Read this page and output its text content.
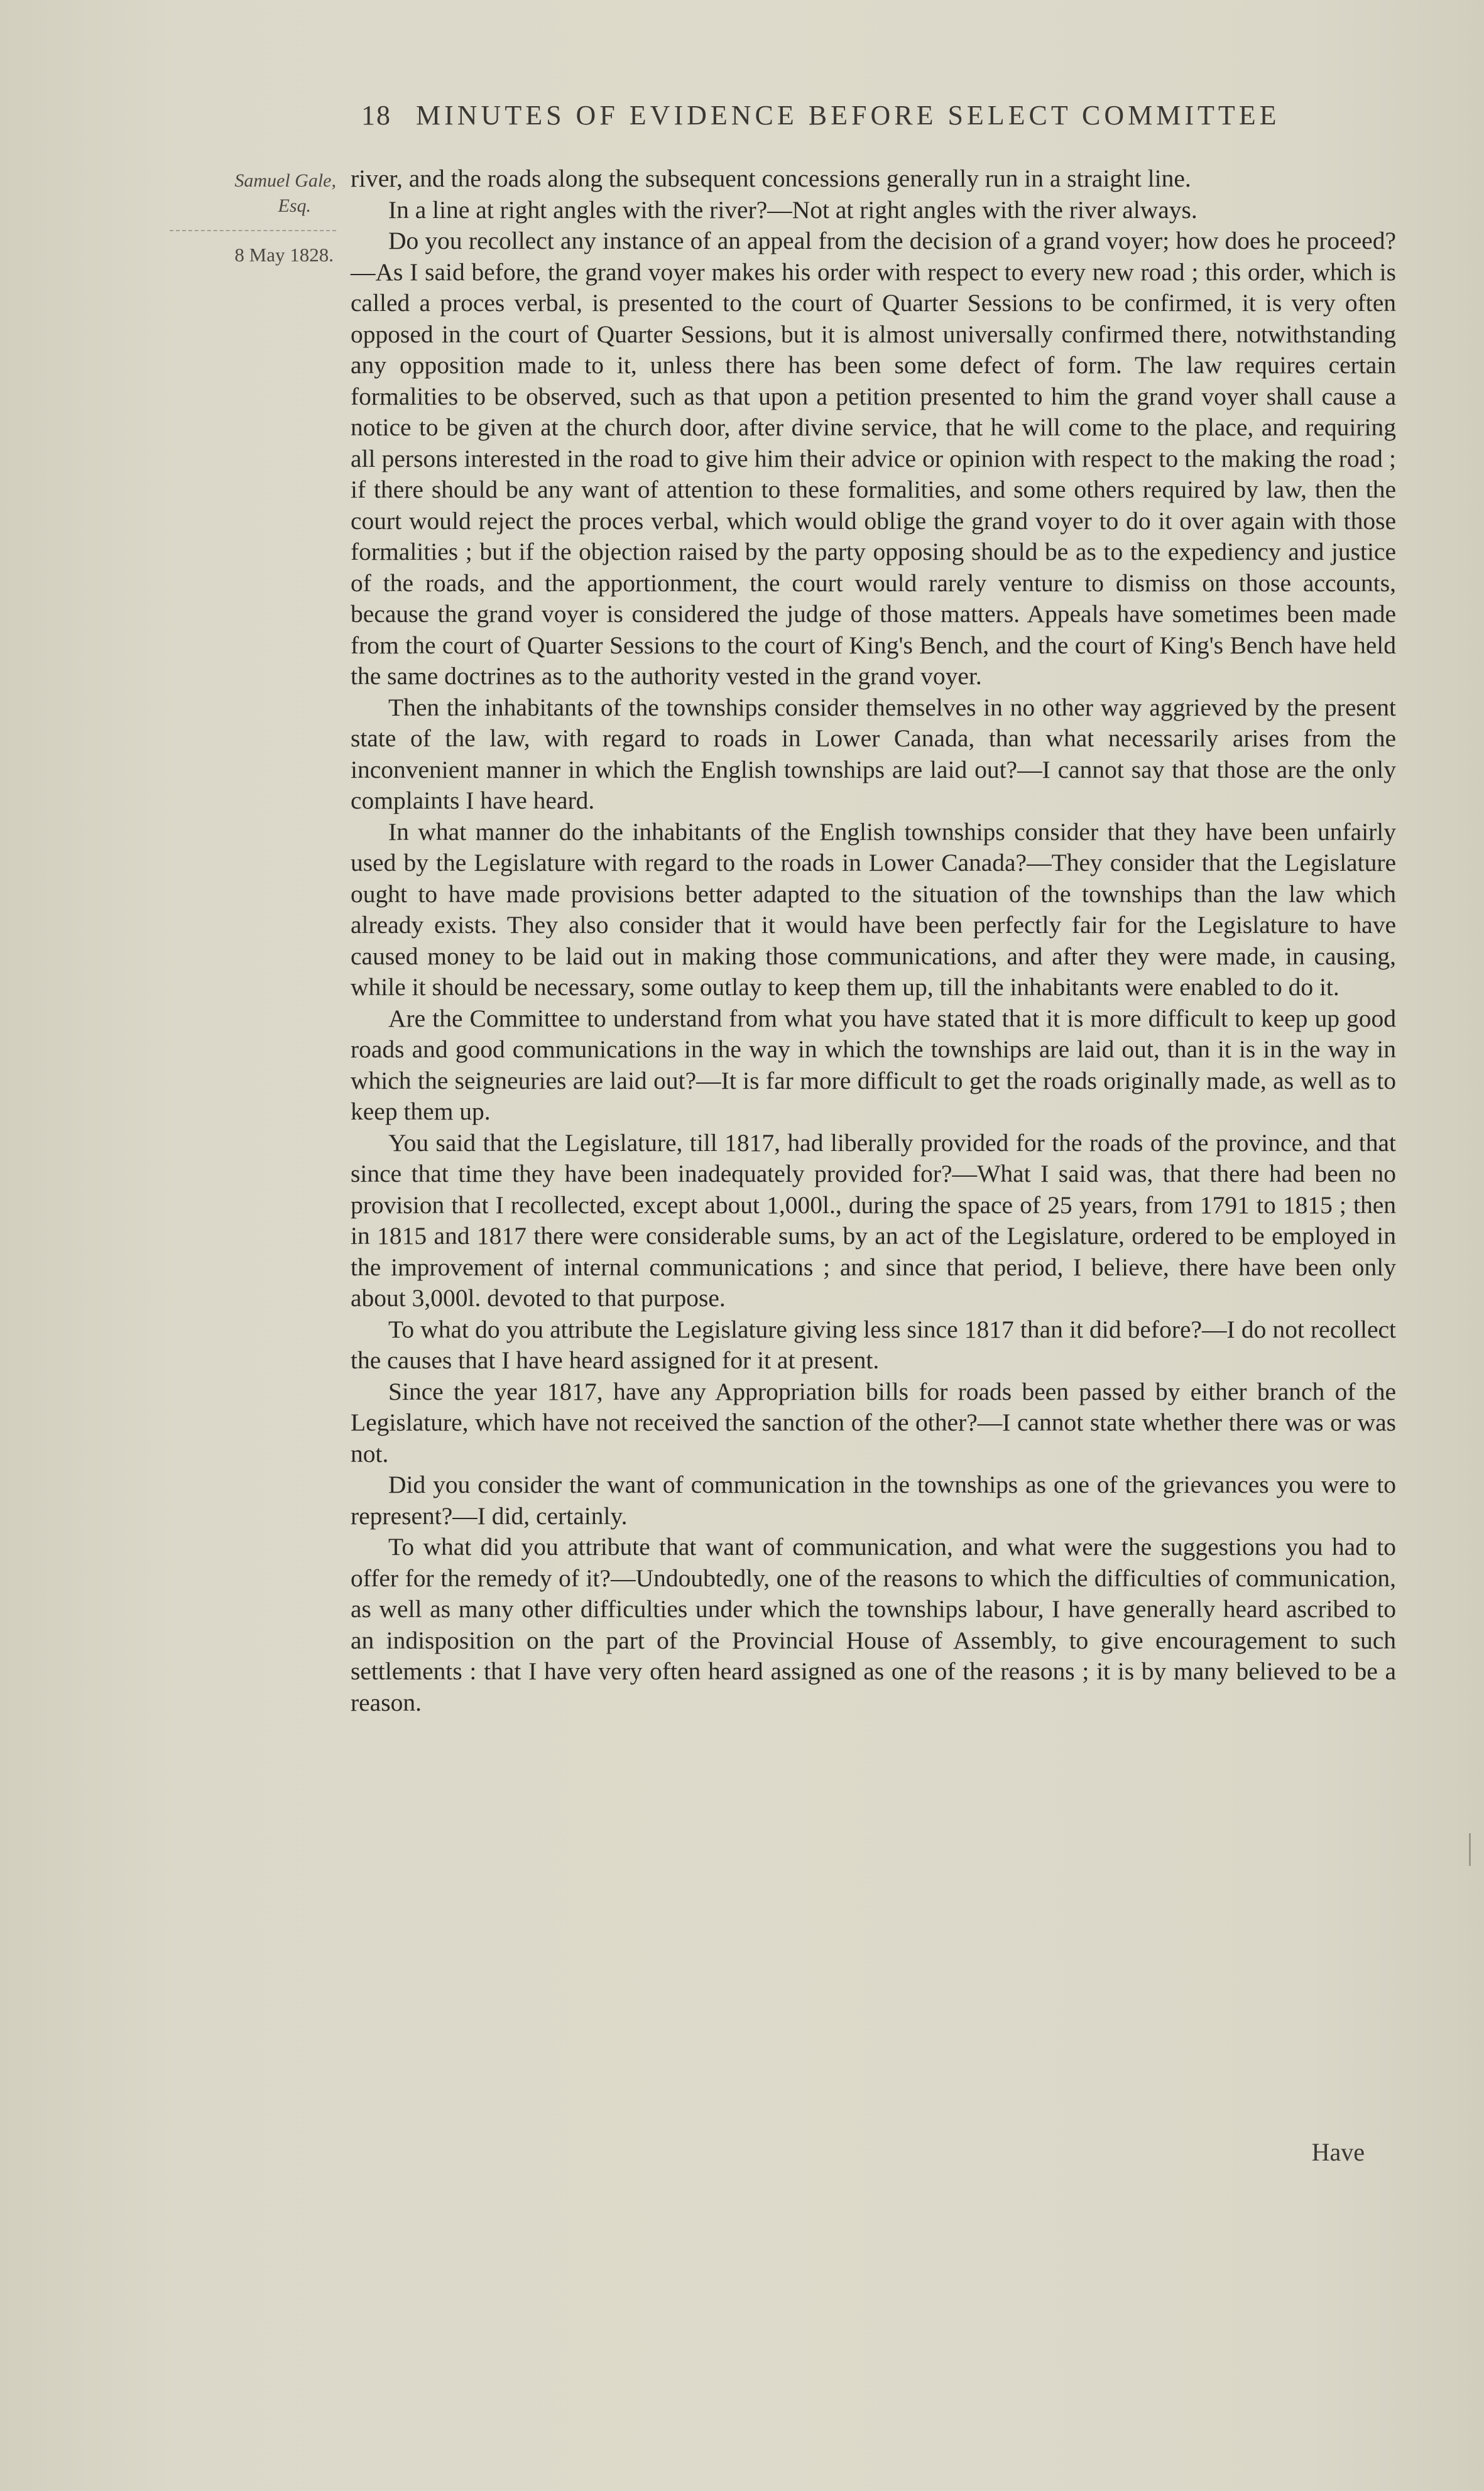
18 MINUTES OF EVIDENCE BEFORE SELECT COMMITTEE
Samuel Gale,
Esq.
8 May 1828.

river, and the roads along the subsequent concessions generally run in a straight line.

In a line at right angles with the river?—Not at right angles with the river always.

Do you recollect any instance of an appeal from the decision of a grand voyer; how does he proceed?—As I said before, the grand voyer makes his order with respect to every new road ; this order, which is called a proces verbal, is presented to the court of Quarter Sessions to be confirmed, it is very often opposed in the court of Quarter Sessions, but it is almost universally confirmed there, notwithstanding any opposition made to it, unless there has been some defect of form. The law requires certain formalities to be observed, such as that upon a petition presented to him the grand voyer shall cause a notice to be given at the church door, after divine service, that he will come to the place, and requiring all persons interested in the road to give him their advice or opinion with respect to the making the road ; if there should be any want of attention to these formalities, and some others required by law, then the court would reject the proces verbal, which would oblige the grand voyer to do it over again with those formalities ; but if the objection raised by the party opposing should be as to the expediency and justice of the roads, and the apportionment, the court would rarely venture to dismiss on those accounts, because the grand voyer is considered the judge of those matters. Appeals have sometimes been made from the court of Quarter Sessions to the court of King's Bench, and the court of King's Bench have held the same doctrines as to the authority vested in the grand voyer.

Then the inhabitants of the townships consider themselves in no other way aggrieved by the present state of the law, with regard to roads in Lower Canada, than what necessarily arises from the inconvenient manner in which the English townships are laid out?—I cannot say that those are the only complaints I have heard.

In what manner do the inhabitants of the English townships consider that they have been unfairly used by the Legislature with regard to the roads in Lower Canada?—They consider that the Legislature ought to have made provisions better adapted to the situation of the townships than the law which already exists. They also consider that it would have been perfectly fair for the Legislature to have caused money to be laid out in making those communications, and after they were made, in causing, while it should be necessary, some outlay to keep them up, till the inhabitants were enabled to do it.

Are the Committee to understand from what you have stated that it is more difficult to keep up good roads and good communications in the way in which the townships are laid out, than it is in the way in which the seigneuries are laid out?—It is far more difficult to get the roads originally made, as well as to keep them up.

You said that the Legislature, till 1817, had liberally provided for the roads of the province, and that since that time they have been inadequately provided for?—What I said was, that there had been no provision that I recollected, except about 1,000l., during the space of 25 years, from 1791 to 1815 ; then in 1815 and 1817 there were considerable sums, by an act of the Legislature, ordered to be employed in the improvement of internal communications ; and since that period, I believe, there have been only about 3,000l. devoted to that purpose.

To what do you attribute the Legislature giving less since 1817 than it did before?—I do not recollect the causes that I have heard assigned for it at present.

Since the year 1817, have any Appropriation bills for roads been passed by either branch of the Legislature, which have not received the sanction of the other?—I cannot state whether there was or was not.

Did you consider the want of communication in the townships as one of the grievances you were to represent?—I did, certainly.

To what did you attribute that want of communication, and what were the suggestions you had to offer for the remedy of it?—Undoubtedly, one of the reasons to which the difficulties of communication, as well as many other difficulties under which the townships labour, I have generally heard ascribed to an indisposition on the part of the Provincial House of Assembly, to give encouragement to such settlements : that I have very often heard assigned as one of the reasons ; it is by many believed to be a reason.

Have
